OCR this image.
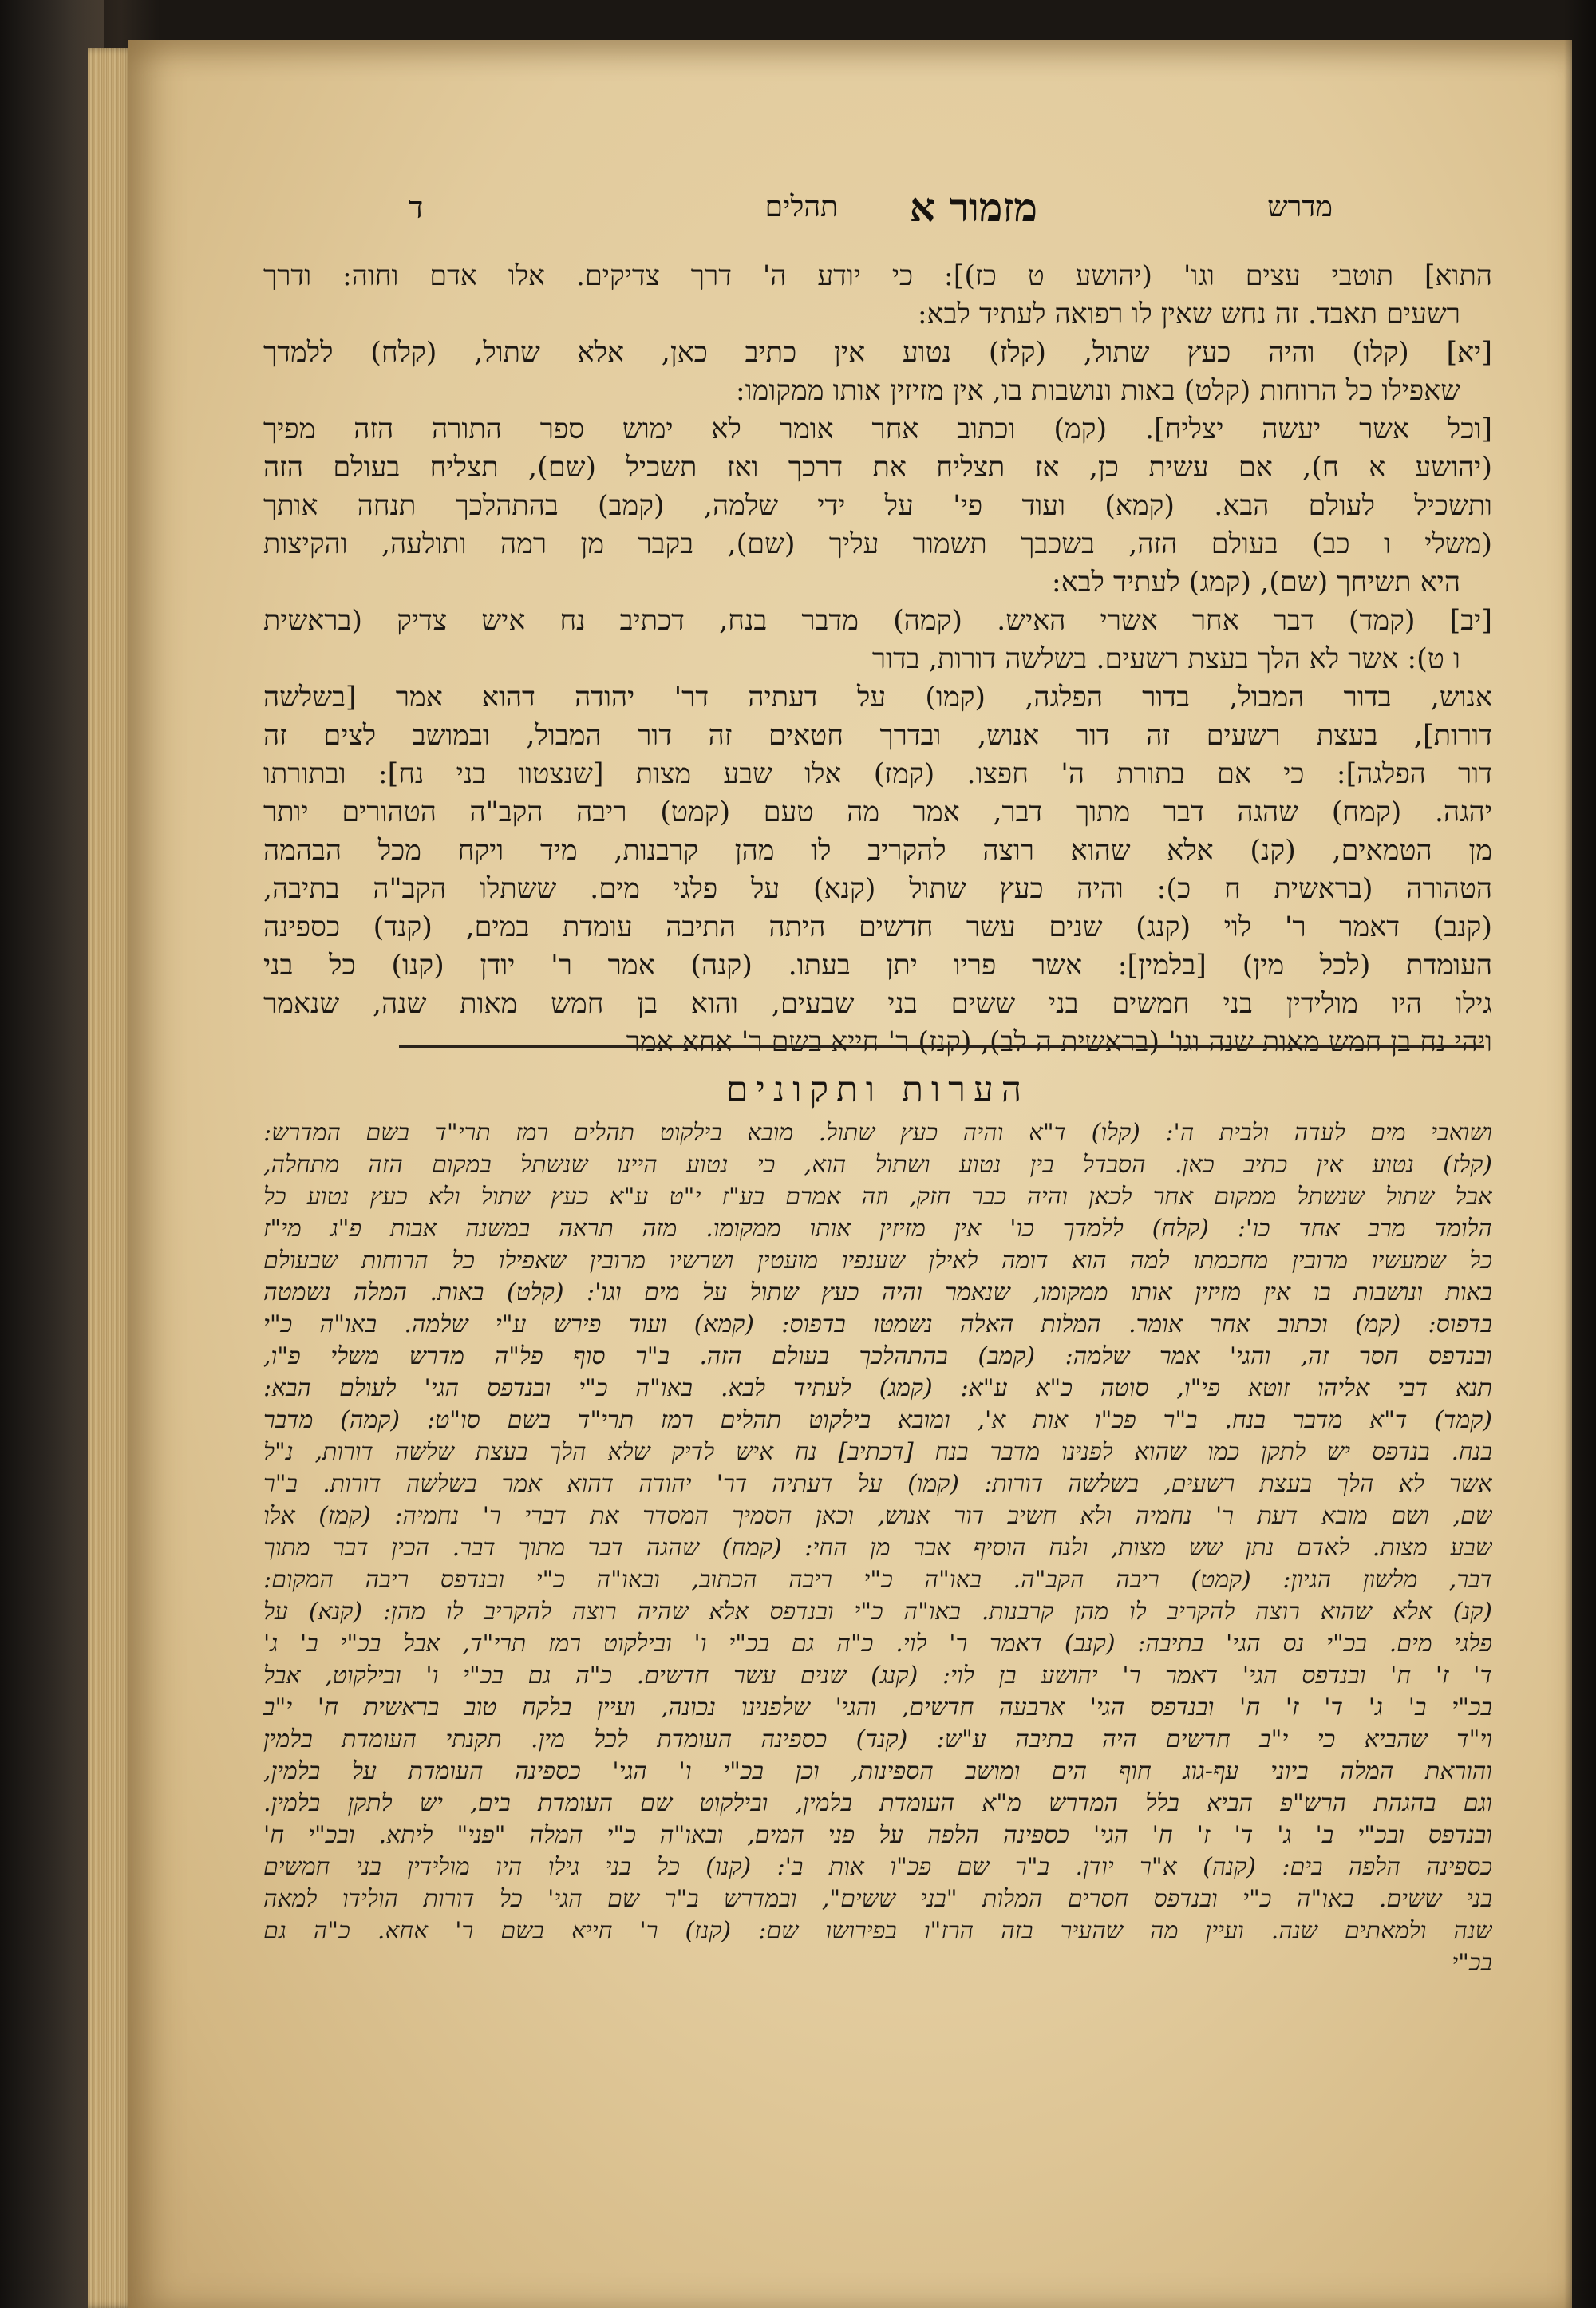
מדרש
מזמור א
תהלים
ד
התוא] תוטבי עצים וגו' (יהושע ט כז)]: כי יודע ה' דרך צדיקים. אלו אדם וחוה: ודרך
רשעים תאבד. זה נחש שאין לו רפואה לעתיד לבא:
[יא] (קלו) והיה כעץ שתול, (קלז) נטוע אין כתיב כאן, אלא שתול, (קלח) ללמדך
שאפילו כל הרוחות (קלט) באות ונושבות בו, אין מזיזין אותו ממקומו:
[וכל אשר יעשה יצליח]. (קמ) וכתוב אחר אומר לא ימוש ספר התורה הזה מפיך
(יהושע א ח), אם עשית כן, אז תצליח את דרכך ואז תשכיל (שם), תצליח בעולם הזה
ותשכיל לעולם הבא. (קמא) ועוד פי' על ידי שלמה, (קמב) בהתהלכך תנחה אותך
(משלי ו כב) בעולם הזה, בשכבך תשמור עליך (שם), בקבר מן רמה ותולעה, והקיצות
היא תשיחך (שם), (קמג) לעתיד לבא:
[יב] (קמד) דבר אחר אשרי האיש. (קמה) מדבר בנח, דכתיב נח איש צדיק (בראשית
ו ט): אשר לא הלך בעצת רשעים. בשלשה דורות, בדור
אנוש, בדור המבול, בדור הפלגה, (קמו) על דעתיה דר' יהודה דהוא אמר [בשלשה
דורות], בעצת רשעים זה דור אנוש, ובדרך חטאים זה דור המבול, ובמושב לצים זה
דור הפלגה]: כי אם בתורת ה' חפצו. (קמז) אלו שבע מצות [שנצטוו בני נח]: ובתורתו
יהגה. (קמח) שהגה דבר מתוך דבר, אמר מה טעם (קמט) ריבה הקב"ה הטהורים יותר
מן הטמאים, (קנ) אלא שהוא רוצה להקריב לו מהן קרבנות, מיד ויקח מכל הבהמה
הטהורה (בראשית ח כ): והיה כעץ שתול (קנא) על פלגי מים. ששתלו הקב"ה בתיבה,
(קנב) דאמר ר' לוי (קנג) שנים עשר חדשים היתה התיבה עומדת במים, (קנד) כספינה
העומדת (לכל מין) [בלמין]: אשר פריו יתן בעתו. (קנה) אמר ר' יודן (קנו) כל בני
גילו היו מולידין בני חמשים בני ששים בני שבעים, והוא בן חמש מאות שנה, שנאמר
ויהי נח בן חמש מאות שנה וגו' (בראשית ה לב), (קנז) ר' חייא בשם ר' אחא אמר
הערות ותקונים
ושואבי מים לעדה ולבית ה': (קלו) ד"א והיה כעץ שתול. מובא בילקוט תהלים רמז תרי"ד בשם המדרש:
(קלז) נטוע אין כתיב כאן. הסבדל בין נטוע ושתול הוא, כי נטוע היינו שנשתל במקום הזה מתחלה,
אבל שתול שנשתל ממקום אחר לכאן והיה כבר חזק, וזה אמרם בע"ז י"ט ע"א כעץ שתול ולא כעץ נטוע כל
הלומד מרב אחד כו': (קלח) ללמדך כו' אין מזיזין אותו ממקומו. מזה תראה במשנה אבות פ"ג מי"ז
כל שמעשיו מרובין מחכמתו למה הוא דומה לאילן שענפיו מועטין ושרשיו מרובין שאפילו כל הרוחות שבעולם
באות ונושבות בו אין מזיזין אותו ממקומו, שנאמר והיה כעץ שתול על מים וגו': (קלט) באות. המלה נשמטה
בדפוס: (קמ) וכתוב אחר אומר. המלות האלה נשמטו בדפוס: (קמא) ועוד פירש ע"י שלמה. באו"ה כ"י
ובנדפס חסר זה, והגי' אמר שלמה: (קמב) בהתהלכך בעולם הזה. ב"ר סוף פל"ה מדרש משלי פ"ו,
תנא דבי אליהו זוטא פי"ו, סוטה כ"א ע"א: (קמג) לעתיד לבא. באו"ה כ"י ובנדפס הגי' לעולם הבא:
(קמד) ד"א מדבר בנח. ב"ר פכ"ו אות א', ומובא בילקוט תהלים רמז תרי"ד בשם סו"ט: (קמה) מדבר
בנח. בנדפס יש לתקן כמו שהוא לפנינו מדבר בנח [דכתיב] נח איש לדיק שלא הלך בעצת שלשה דורות, נ"ל
אשר לא הלך בעצת רשעים, בשלשה דורות: (קמו) על דעתיה דר' יהודה דהוא אמר בשלשה דורות. ב"ר
שם, ושם מובא דעת ר' נחמיה ולא חשיב דור אנוש, וכאן הסמיך המסדר את דברי ר' נחמיה: (קמז) אלו
שבע מצות. לאדם נתן שש מצות, ולנח הוסיף אבר מן החי: (קמח) שהגה דבר מתוך דבר. הכין דבר מתוך
דבר, מלשון הגיון: (קמט) ריבה הקב"ה. באו"ה כ"י ריבה הכתוב, ובאו"ה כ"י ובנדפס ריבה המקום:
(קנ) אלא שהוא רוצה להקריב לו מהן קרבנות. באו"ה כ"י ובנדפס אלא שהיה רוצה להקריב לו מהן: (קנא) על
פלגי מים. בכ"י נס הגי' בתיבה: (קנב) דאמר ר' לוי. כ"ה גם בכ"י ו' ובילקוט רמז תרי"ד, אבל בכ"י ב' ג'
ד' ז' ח' ובנדפס הגי' דאמר ר' יהושע בן לוי: (קנג) שנים עשר חדשים. כ"ה גם בכ"י ו' ובילקוט, אבל
בכ"י ב' ג' ד' ז' ח' ובנדפס הגי' ארבעה חדשים, והגי' שלפנינו נכונה, ועיין בלקח טוב בראשית ח' י"ב
וי"ד שהביא כי י"ב חדשים היה בתיבה ע"ש: (קנד) כספינה העומדת לכל מין. תקנתי העומדת בלמין
והוראת המלה ביוני עף-גוג חוף הים ומושב הספינות, וכן בכ"י ו' הגי' כספינה העומדת על בלמין,
וגם בהגהת הרש"פ הביא בלל המדרש מ"א העומדת בלמין, ובילקוט שם העומדת בים, יש לתקן בלמין.
ובנדפס ובכ"י ב' ג' ד' ז' ח' הגי' כספינה הלפה על פני המים, ובאו"ה כ"י המלה "פני" ליתא. ובכ"י ח'
כספינה הלפה בים: (קנה) א"ר יודן. ב"ר שם פכ"ו אות ב': (קנו) כל בני גילו היו מולידין בני חמשים
בני ששים. באו"ה כ"י ובנדפס חסרים המלות "בני ששים", ובמדרש ב"ר שם הגי' כל דורות הולידו למאה
שנה ולמאתים שנה. ועיין מה שהעיר בזה הרז"ו בפירושו שם: (קנז) ר' חייא בשם ר' אחא. כ"ה גם
בכ"י
